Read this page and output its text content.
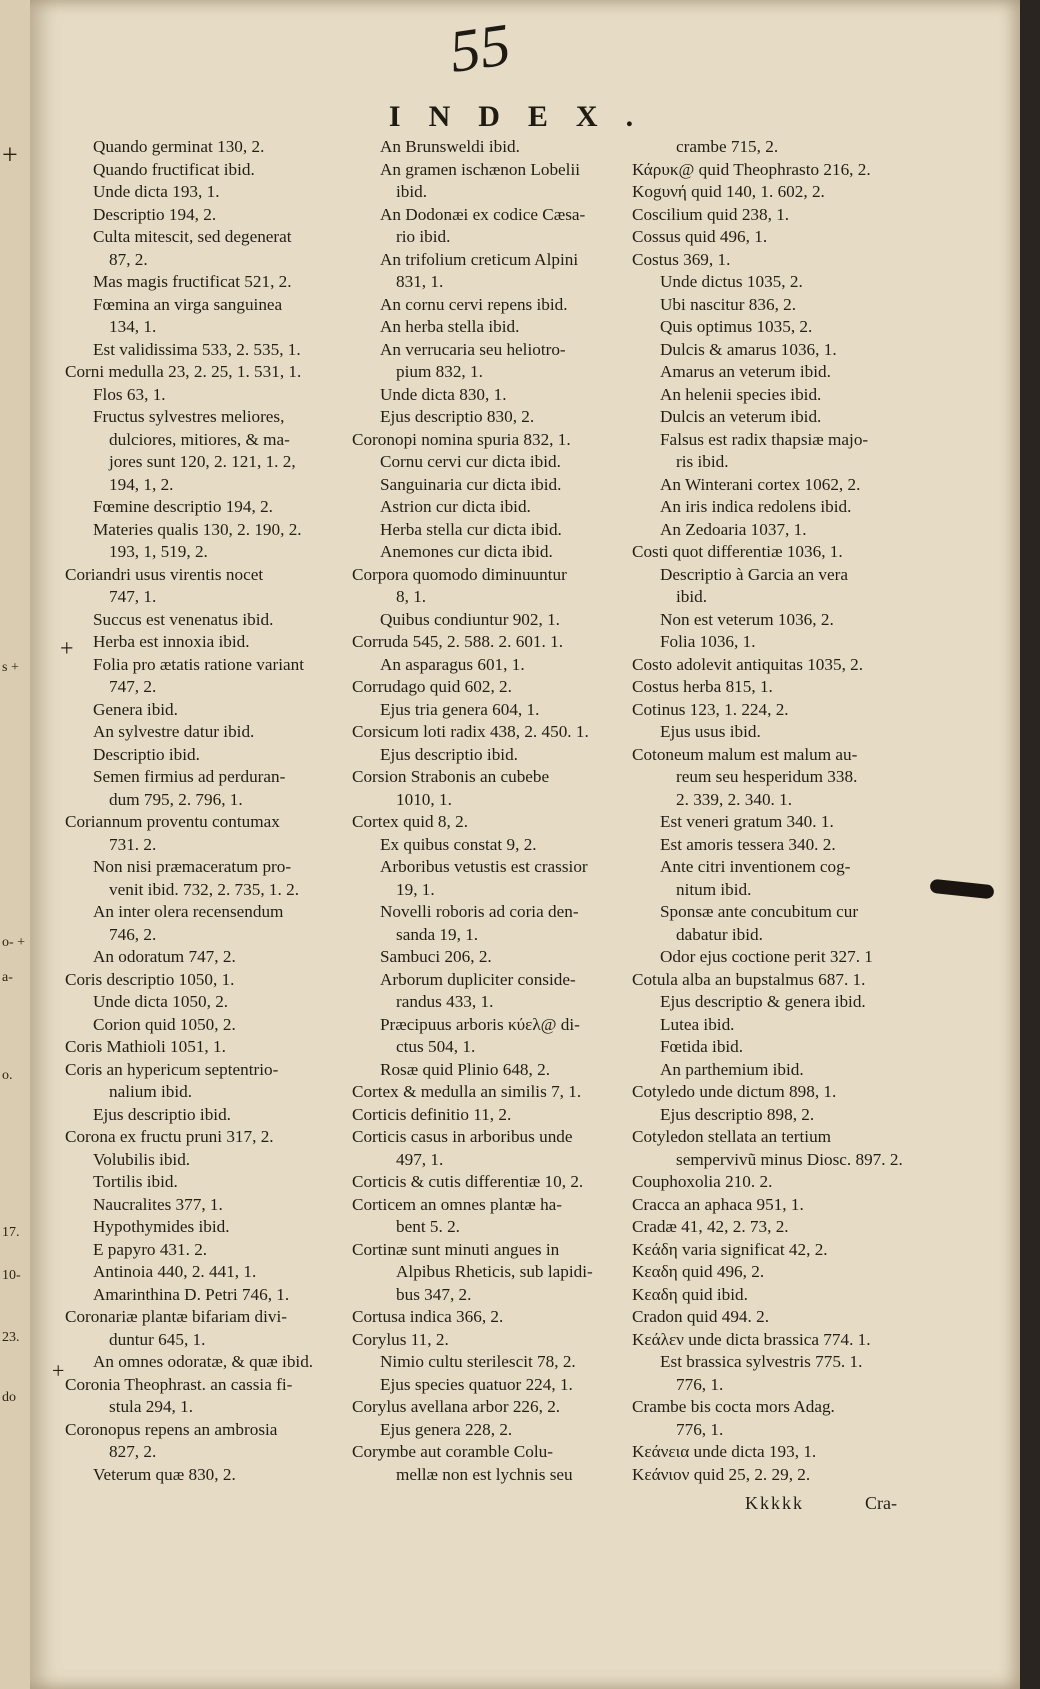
s +
o- +
a-
o.
17.
10-
23.
do
+
55
INDEX.
+
+
Quando germinat 130, 2.
Quando fructificat ibid.
Unde dicta 193, 1.
Descriptio 194, 2.
Culta mitescit, sed degenerat
87, 2.
Mas magis fructificat 521, 2.
Fœmina an virga sanguinea
134, 1.
Est validissima 533, 2. 535, 1.
Corni medulla 23, 2. 25, 1. 531, 1.
Flos 63, 1.
Fructus sylvestres meliores,
dulciores, mitiores, & ma-
jores sunt 120, 2. 121, 1. 2,
194, 1, 2.
Fœmine descriptio 194, 2.
Materies qualis 130, 2. 190, 2.
193, 1, 519, 2.
Coriandri usus virentis nocet
747, 1.
Succus est venenatus ibid.
Herba est innoxia ibid.
Folia pro ætatis ratione variant
747, 2.
Genera ibid.
An sylvestre datur ibid.
Descriptio ibid.
Semen firmius ad perduran-
dum 795, 2. 796, 1.
Coriannum proventu contumax
731. 2.
Non nisi præmaceratum pro-
venit ibid. 732, 2. 735, 1. 2.
An inter olera recensendum
746, 2.
An odoratum 747, 2.
Coris descriptio 1050, 1.
Unde dicta 1050, 2.
Corion quid 1050, 2.
Coris Mathioli 1051, 1.
Coris an hypericum septentrio-
nalium ibid.
Ejus descriptio ibid.
Corona ex fructu pruni 317, 2.
Volubilis ibid.
Tortilis ibid.
Naucralites 377, 1.
Hypothymides ibid.
E papyro 431. 2.
Antinoia 440, 2. 441, 1.
Amarinthina D. Petri 746, 1.
Coronariæ plantæ bifariam divi-
duntur 645, 1.
An omnes odoratæ, & quæ ibid.
Coronia Theophrast. an cassia fi-
stula 294, 1.
Coronopus repens an ambrosia
827, 2.
Veterum quæ 830, 2.
An Brunsweldi ibid.
An gramen ischænon Lobelii
ibid.
An Dodonæi ex codice Cæsa-
rio ibid.
An trifolium creticum Alpini
831, 1.
An cornu cervi repens ibid.
An herba stella ibid.
An verrucaria seu heliotro-
pium 832, 1.
Unde dicta 830, 1.
Ejus descriptio 830, 2.
Coronopi nomina spuria 832, 1.
Cornu cervi cur dicta ibid.
Sanguinaria cur dicta ibid.
Astrion cur dicta ibid.
Herba stella cur dicta ibid.
Anemones cur dicta ibid.
Corpora quomodo diminuuntur
8, 1.
Quibus condiuntur 902, 1.
Corruda 545, 2. 588. 2. 601. 1.
An asparagus 601, 1.
Corrudago quid 602, 2.
Ejus tria genera 604, 1.
Corsicum loti radix 438, 2. 450. 1.
Ejus descriptio ibid.
Corsion Strabonis an cubebe
1010, 1.
Cortex quid 8, 2.
Ex quibus constat 9, 2.
Arboribus vetustis est crassior
19, 1.
Novelli roboris ad coria den-
sanda 19, 1.
Sambuci 206, 2.
Arborum dupliciter conside-
randus 433, 1.
Præcipuus arboris κύελ@ di-
ctus 504, 1.
Rosæ quid Plinio 648, 2.
Cortex & medulla an similis 7, 1.
Corticis definitio 11, 2.
Corticis casus in arboribus unde
497, 1.
Corticis & cutis differentiæ 10, 2.
Corticem an omnes plantæ ha-
bent 5. 2.
Cortinæ sunt minuti angues in
Alpibus Rheticis, sub lapidi-
bus 347, 2.
Cortusa indica 366, 2.
Corylus 11, 2.
Nimio cultu sterilescit 78, 2.
Ejus species quatuor 224, 1.
Corylus avellana arbor 226, 2.
Ejus genera 228, 2.
Corymbe aut coramble Colu-
mellæ non est lychnis seu
crambe 715, 2.
Κάρυκ@ quid Theophrasto 216, 2.
Κοgυνή quid 140, 1. 602, 2.
Coscilium quid 238, 1.
Cossus quid 496, 1.
Costus 369, 1.
Unde dictus 1035, 2.
Ubi nascitur 836, 2.
Quis optimus 1035, 2.
Dulcis & amarus 1036, 1.
Amarus an veterum ibid.
An helenii species ibid.
Dulcis an veterum ibid.
Falsus est radix thapsiæ majo-
ris ibid.
An Winterani cortex 1062, 2.
An iris indica redolens ibid.
An Zedoaria 1037, 1.
Costi quot differentiæ 1036, 1.
Descriptio à Garcia an vera
ibid.
Non est veterum 1036, 2.
Folia 1036, 1.
Costo adolevit antiquitas 1035, 2.
Costus herba 815, 1.
Cotinus 123, 1. 224, 2.
Ejus usus ibid.
Cotoneum malum est malum au-
reum seu hesperidum 338.
2. 339, 2. 340. 1.
Est veneri gratum 340. 1.
Est amoris tessera 340. 2.
Ante citri inventionem cog-
nitum ibid.
Sponsæ ante concubitum cur
dabatur ibid.
Odor ejus coctione perit 327. 1
Cotula alba an bupstalmus 687. 1.
Ejus descriptio & genera ibid.
Lutea ibid.
Fœtida ibid.
An parthemium ibid.
Cotyledo unde dictum 898, 1.
Ejus descriptio 898, 2.
Cotyledon stellata an tertium
sempervivũ minus Diosc. 897. 2.
Couphoxolia 210. 2.
Cracca an aphaca 951, 1.
Cradæ 41, 42, 2. 73, 2.
Κεάδη varia significat 42, 2.
Κεαδη quid 496, 2.
Κεαδη quid ibid.
Cradon quid 494. 2.
Κεάλεν unde dicta brassica 774. 1.
Est brassica sylvestris 775. 1.
776, 1.
Crambe bis cocta mors Adag.
776, 1.
Κεάνεια unde dicta 193, 1.
Κεάνιον quid 25, 2. 29, 2.
Kkkkk	Cra-
